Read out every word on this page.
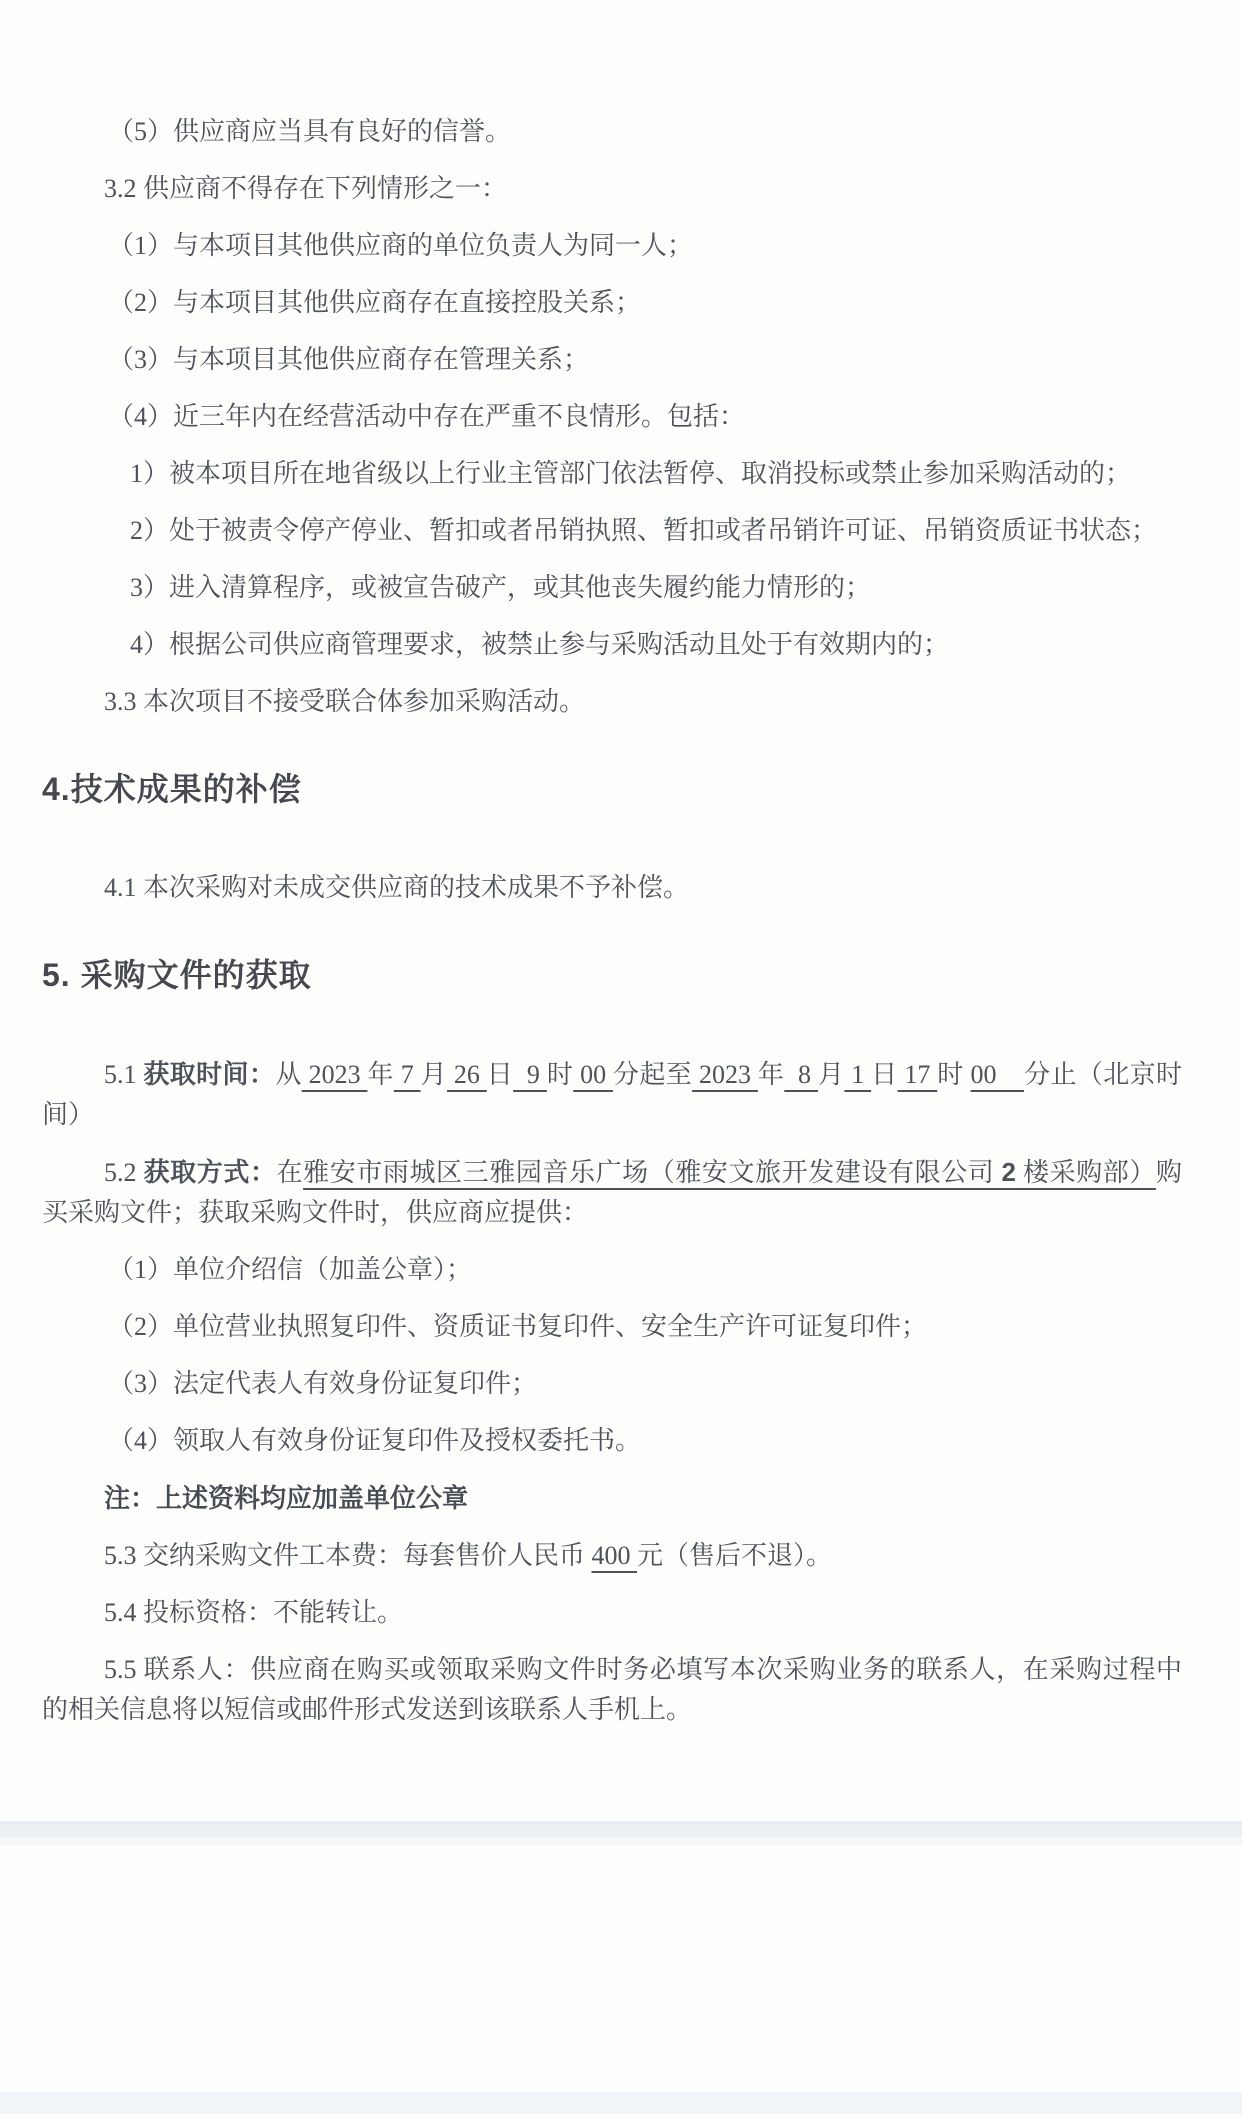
（5）供应商应当具有良好的信誉。

3.2 供应商不得存在下列情形之一：

（1）与本项目其他供应商的单位负责人为同一人；

（2）与本项目其他供应商存在直接控股关系；

（3）与本项目其他供应商存在管理关系；

（4）近三年内在经营活动中存在严重不良情形。包括：

1）被本项目所在地省级以上行业主管部门依法暂停、取消投标或禁止参加采购活动的；

2）处于被责令停产停业、暂扣或者吊销执照、暂扣或者吊销许可证、吊销资质证书状态；

3）进入清算程序，或被宣告破产，或其他丧失履约能力情形的；

4）根据公司供应商管理要求，被禁止参与采购活动且处于有效期内的；

3.3 本次项目不接受联合体参加采购活动。

4.技术成果的补偿

4.1 本次采购对未成交供应商的技术成果不予补偿。

5. 采购文件的获取

5.1 获取时间：从 2023 年 7 月 26 日  9 时 00 分起至 2023 年  8 月 1 日 17 时 00    分止（北京时间）

5.2 获取方式：在雅安市雨城区三雅园音乐广场（雅安文旅开发建设有限公司 2 楼采购部）购买采购文件；获取采购文件时，供应商应提供：

（1）单位介绍信（加盖公章）；

（2）单位营业执照复印件、资质证书复印件、安全生产许可证复印件；

（3）法定代表人有效身份证复印件；

（4）领取人有效身份证复印件及授权委托书。

注：上述资料均应加盖单位公章

5.3 交纳采购文件工本费：每套售价人民币 400 元（售后不退）。

5.4 投标资格：不能转让。

5.5 联系人：供应商在购买或领取采购文件时务必填写本次采购业务的联系人，在采购过程中的相关信息将以短信或邮件形式发送到该联系人手机上。
